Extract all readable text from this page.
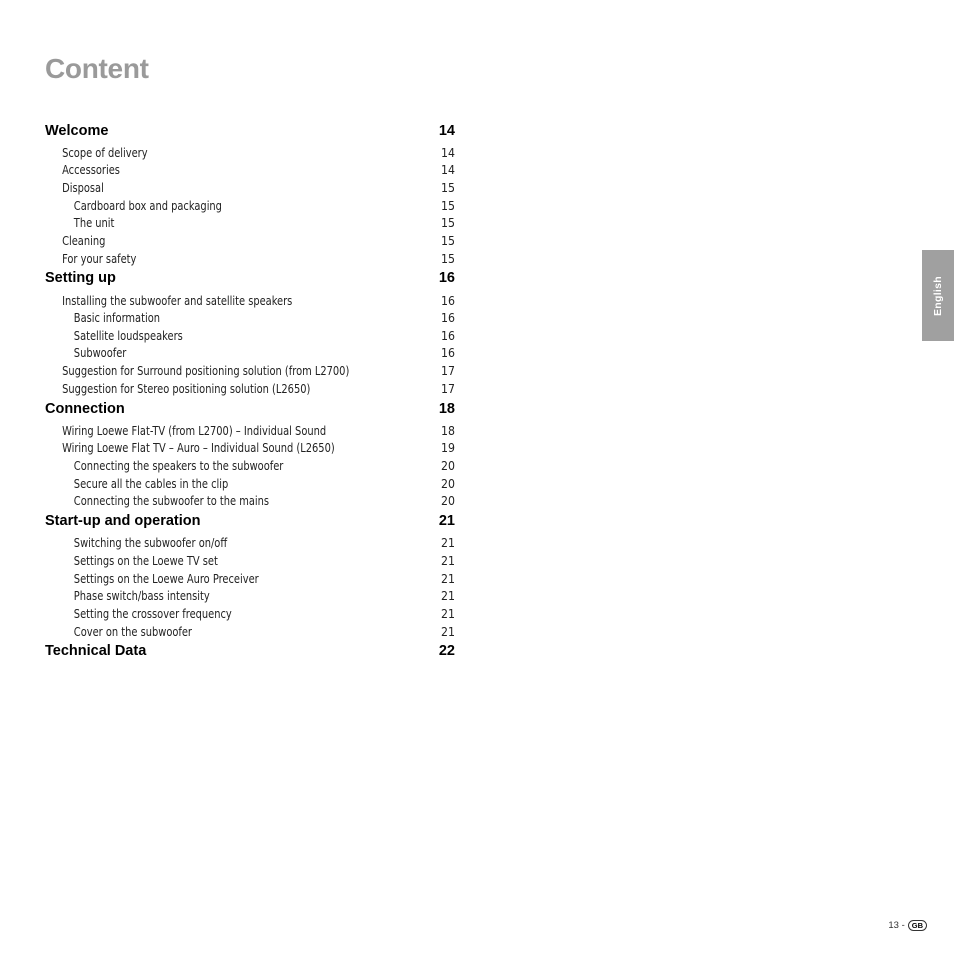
Content
Welcome	14
Scope of delivery	14
Accessories	14
Disposal	15
Cardboard box and packaging	15
The unit	15
Cleaning	15
For your safety	15
Setting up	16
Installing the subwoofer and satellite speakers	16
Basic information	16
Satellite loudspeakers	16
Subwoofer	16
Suggestion for Surround positioning solution (from L2700)	17
Suggestion for Stereo positioning solution (L2650)	17
Connection	18
Wiring Loewe Flat-TV (from L2700) – Individual Sound	18
Wiring Loewe Flat TV – Auro – Individual Sound (L2650)	19
Connecting the speakers to the subwoofer	20
Secure all the cables in the clip	20
Connecting the subwoofer to the mains	20
Start-up and operation	21
Switching the subwoofer on/off	21
Settings on the Loewe TV set	21
Settings on the Loewe Auro Preceiver	21
Phase switch/bass intensity	21
Setting the crossover frequency	21
Cover on the subwoofer	21
Technical Data	22
English
13 - GB
